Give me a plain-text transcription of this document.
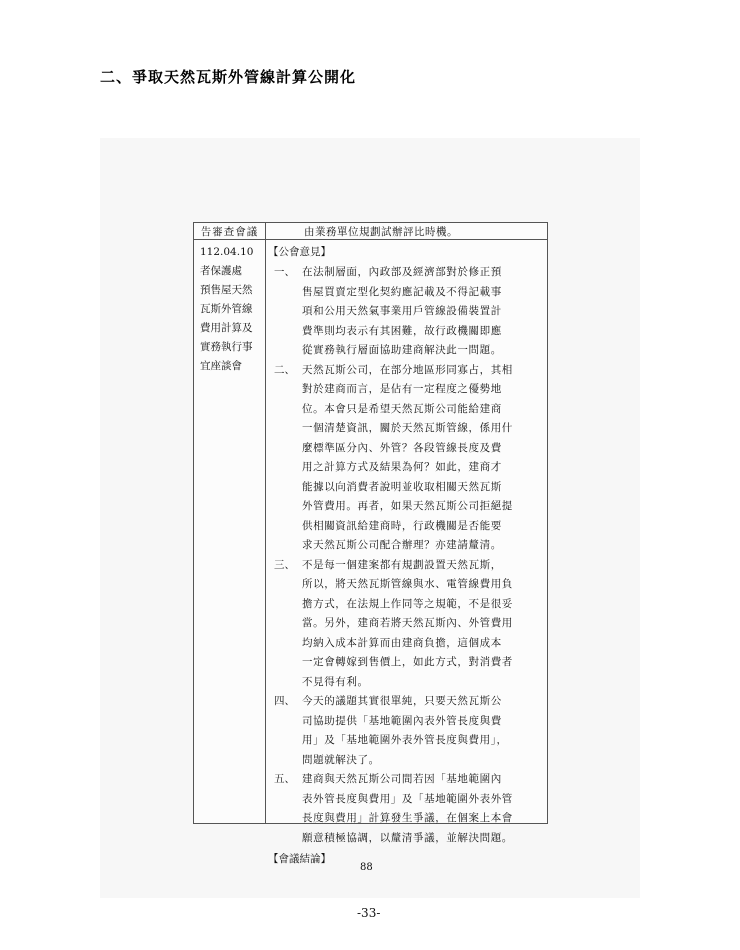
二、爭取天然瓦斯外管線計算公開化
告審查會議	由業務單位規劃試辦評比時機。
112.04.10
者保護處
預售屋天然
瓦斯外管線
費用計算及
實務執行事
宜座談會
【公會意見】
一、 在法制層面，內政部及經濟部對於修正預
售屋買賣定型化契約應記載及不得記載事
項和公用天然氣事業用戶管線設備裝置計
費準則均表示有其困難，故行政機關即應
從實務執行層面協助建商解決此一問題。
二、 天然瓦斯公司，在部分地區形同寡占，其相
對於建商而言，是佔有一定程度之優勢地
位。本會只是希望天然瓦斯公司能給建商
一個清楚資訊，關於天然瓦斯管線，係用什
麼標準區分內、外管？各段管線長度及費
用之計算方式及結果為何？如此，建商才
能據以向消費者說明並收取相關天然瓦斯
外管費用。再者，如果天然瓦斯公司拒絕提
供相關資訊給建商時，行政機關是否能要
求天然瓦斯公司配合辦理？亦建請釐清。
三、 不是每一個建案都有規劃設置天然瓦斯，
所以，將天然瓦斯管線與水、電管線費用負
擔方式，在法規上作同等之規範，不是很妥
當。另外，建商若將天然瓦斯內、外管費用
均納入成本計算而由建商負擔，這個成本
一定會轉嫁到售價上，如此方式，對消費者
不見得有利。
四、 今天的議題其實很單純，只要天然瓦斯公
司協助提供「基地範圍內表外管長度與費
用」及「基地範圍外表外管長度與費用」，
問題就解決了。
五、 建商與天然瓦斯公司間若因「基地範圍內
表外管長度與費用」及「基地範圍外表外管
長度與費用」計算發生爭議，在個案上本會
願意積極協調，以釐清爭議，並解決問題。
【會議結論】
88
-33-
